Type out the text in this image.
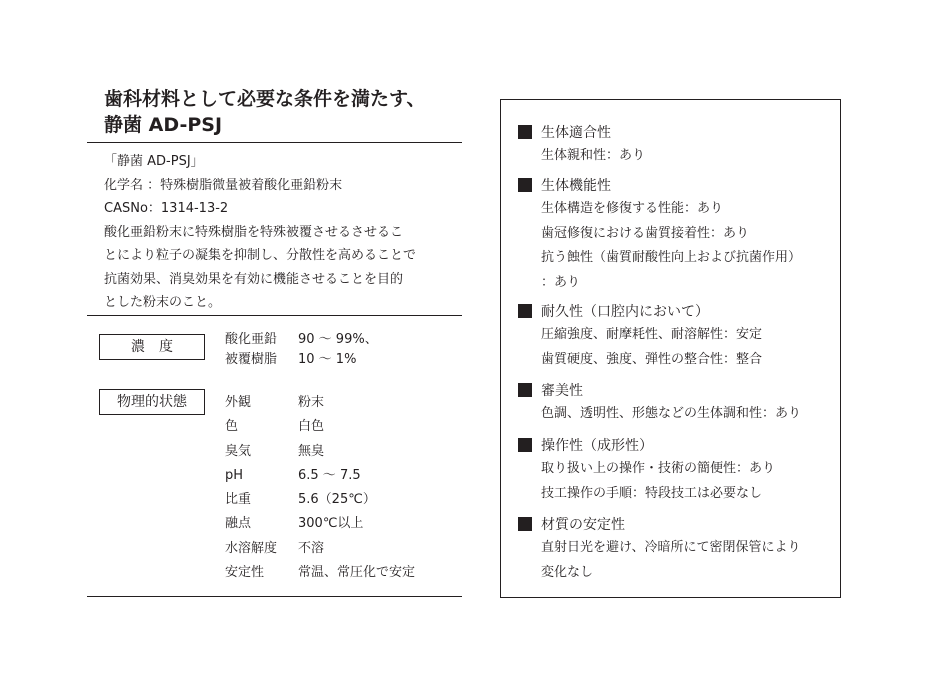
歯科材料として必要な条件を満たす、
静菌 AD-PSJ
「静菌 AD-PSJ」
化学名 ：特殊樹脂微量被着酸化亜鉛粉末
CASNo：1314-13-2
酸化亜鉛粉末に特殊樹脂を特殊被覆させるさせるこ
とにより粒子の凝集を抑制し、分散性を高めることで
抗菌効果、消臭効果を有効に機能させることを目的
とした粉末のこと。
濃　度	酸化亜鉛	90 〜 99%、
被覆樹脂	10 〜 1%
物理的状態	外観	粉末
色	白色
臭気	無臭
pH	6.5 〜 7.5
比重	5.6（25℃）
融点	300℃以上
水溶解度	不溶
安定性	常温、常圧化で安定
生体適合性
生体親和性：あり
生体機能性
生体構造を修復する性能：あり
歯冠修復における歯質接着性：あり
抗う蝕性（歯質耐酸性向上および抗菌作用）
：あり
耐久性（口腔内において）
圧縮強度、耐摩耗性、耐溶解性：安定
歯質硬度、強度、弾性の整合性：整合
審美性
色調、透明性、形態などの生体調和性：あり
操作性（成形性）
取り扱い上の操作・技術の簡便性：あり
技工操作の手順：特段技工は必要なし
材質の安定性
直射日光を避け、冷暗所にて密閉保管により
変化なし
